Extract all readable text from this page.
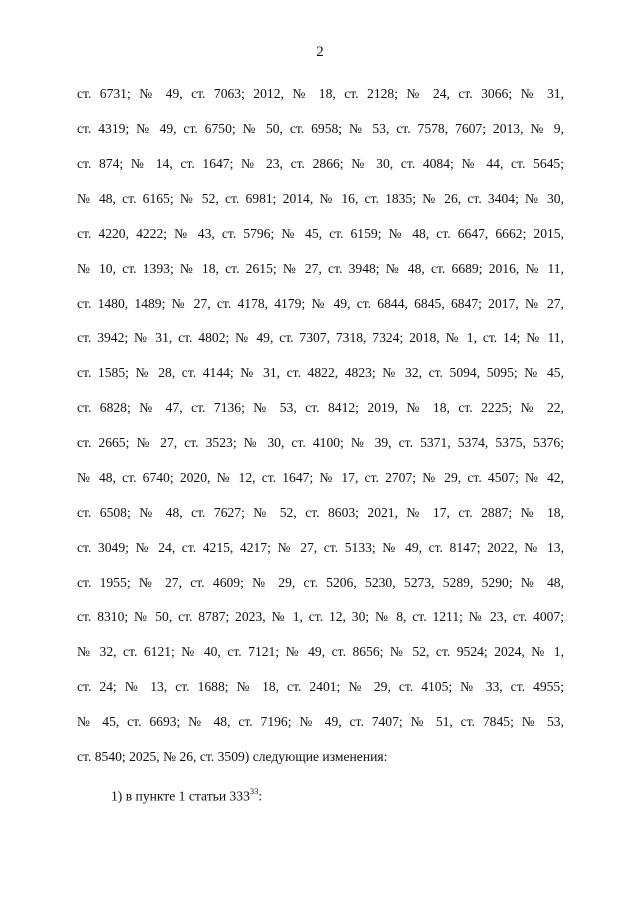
2
ст. 6731; № 49, ст. 7063; 2012, № 18, ст. 2128; № 24, ст. 3066; № 31,
ст. 4319; № 49, ст. 6750; № 50, ст. 6958; № 53, ст. 7578, 7607; 2013, № 9,
ст. 874; № 14, ст. 1647; № 23, ст. 2866; № 30, ст. 4084; № 44, ст. 5645;
№ 48, ст. 6165; № 52, ст. 6981; 2014, № 16, ст. 1835; № 26, ст. 3404; № 30,
ст. 4220, 4222; № 43, ст. 5796; № 45, ст. 6159; № 48, ст. 6647, 6662; 2015,
№ 10, ст. 1393; № 18, ст. 2615; № 27, ст. 3948; № 48, ст. 6689; 2016, № 11,
ст. 1480, 1489; № 27, ст. 4178, 4179; № 49, ст. 6844, 6845, 6847; 2017, № 27,
ст. 3942; № 31, ст. 4802; № 49, ст. 7307, 7318, 7324; 2018, № 1, ст. 14; № 11,
ст. 1585; № 28, ст. 4144; № 31, ст. 4822, 4823; № 32, ст. 5094, 5095; № 45,
ст. 6828; № 47, ст. 7136; № 53, ст. 8412; 2019, № 18, ст. 2225; № 22,
ст. 2665; № 27, ст. 3523; № 30, ст. 4100; № 39, ст. 5371, 5374, 5375, 5376;
№ 48, ст. 6740; 2020, № 12, ст. 1647; № 17, ст. 2707; № 29, ст. 4507; № 42,
ст. 6508; № 48, ст. 7627; № 52, ст. 8603; 2021, № 17, ст. 2887; № 18,
ст. 3049; № 24, ст. 4215, 4217; № 27, ст. 5133; № 49, ст. 8147; 2022, № 13,
ст. 1955; № 27, ст. 4609; № 29, ст. 5206, 5230, 5273, 5289, 5290; № 48,
ст. 8310; № 50, ст. 8787; 2023, № 1, ст. 12, 30; № 8, ст. 1211; № 23, ст. 4007;
№ 32, ст. 6121; № 40, ст. 7121; № 49, ст. 8656; № 52, ст. 9524; 2024, № 1,
ст. 24; № 13, ст. 1688; № 18, ст. 2401; № 29, ст. 4105; № 33, ст. 4955;
№ 45, ст. 6693; № 48, ст. 7196; № 49, ст. 7407; № 51, ст. 7845; № 53,
ст. 8540; 2025, № 26, ст. 3509) следующие изменения:
1) в пункте 1 статьи $333^{33}$:
